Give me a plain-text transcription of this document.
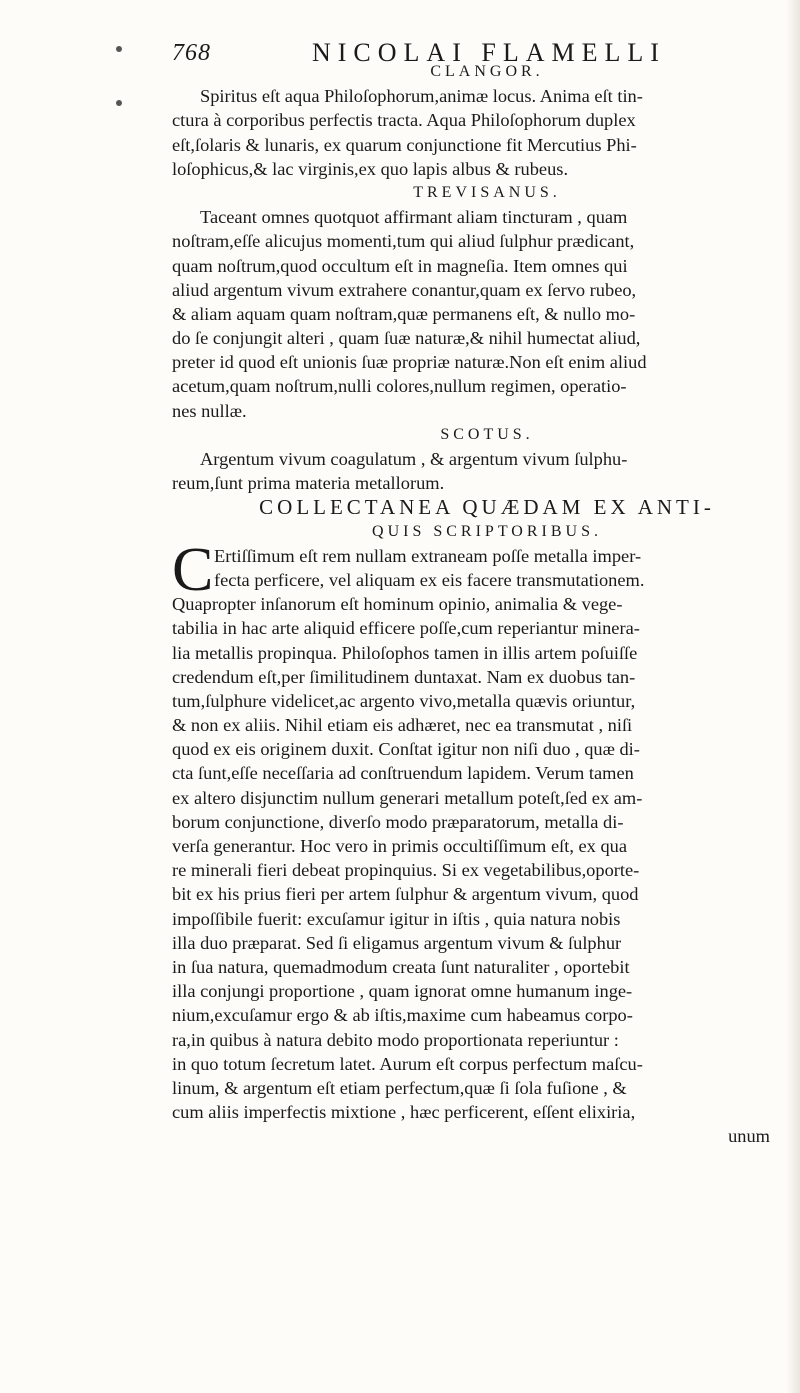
768	NICOLAI FLAMELLI
CLANGOR.
Spiritus eſt aqua Philoſophorum,animæ locus. Anima eſt tin-
ctura à corporibus perfectis tracta. Aqua Philoſophorum duplex
eſt,ſolaris & lunaris, ex quarum conjunctione fit Mercutius Phi-
loſophicus,& lac virginis,ex quo lapis albus & rubeus.
TREVISANUS.
Taceant omnes quotquot affirmant aliam tincturam , quam
noſtram,eſſe alicujus momenti,tum qui aliud ſulphur prædicant,
quam noſtrum,quod occultum eſt in magneſia. Item omnes qui
aliud argentum vivum extrahere conantur,quam ex ſervo rubeo,
& aliam aquam quam noſtram,quæ permanens eſt, & nullo mo-
do ſe conjungit alteri , quam ſuæ naturæ,& nihil humectat aliud,
preter id quod eſt unionis ſuæ propriæ naturæ.Non eſt enim aliud
acetum,quam noſtrum,nulli colores,nullum regimen, operatio-
nes nullæ.
SCOTUS.
Argentum vivum coagulatum , & argentum vivum ſulphu-
reum,ſunt prima materia metallorum.
COLLECTANEA QUÆDAM EX ANTI-
QUIS SCRIPTORIBUS.
C Ertiſſimum eſt rem nullam extraneam poſſe metalla imper-
fecta perficere, vel aliquam ex eis facere transmutationem.
Quapropter inſanorum eſt hominum opinio, animalia & vege-
tabilia in hac arte aliquid efficere poſſe,cum reperiantur minera-
lia metallis propinqua. Philoſophos tamen in illis artem poſuiſſe
credendum eſt,per ſimilitudinem duntaxat. Nam ex duobus tan-
tum,ſulphure videlicet,ac argento vivo,metalla quævis oriuntur,
& non ex aliis. Nihil etiam eis adhæret, nec ea transmutat , niſi
quod ex eis originem duxit. Conſtat igitur non niſi duo , quæ di-
cta ſunt,eſſe neceſſaria ad conſtruendum lapidem. Verum tamen
ex altero disjunctim nullum generari metallum poteſt,ſed ex am-
borum conjunctione, diverſo modo præparatorum, metalla di-
verſa generantur. Hoc vero in primis occultiſſimum eſt, ex qua
re minerali fieri debeat propinquius. Si ex vegetabilibus,oporte-
bit ex his prius fieri per artem ſulphur & argentum vivum, quod
impoſſibile fuerit: excuſamur igitur in iſtis , quia natura nobis
illa duo præparat. Sed ſi eligamus argentum vivum & ſulphur
in ſua natura, quemadmodum creata ſunt naturaliter , oportebit
illa conjungi proportione , quam ignorat omne humanum inge-
nium,excuſamur ergo & ab iſtis,maxime cum habeamus corpo-
ra,in quibus à natura debito modo proportionata reperiuntur :
in quo totum ſecretum latet. Aurum eſt corpus perfectum maſcu-
linum, & argentum eſt etiam perfectum,quæ ſi ſola fuſione , &
cum aliis imperfectis mixtione , hæc perficerent, eſſent elixiria,
unum
